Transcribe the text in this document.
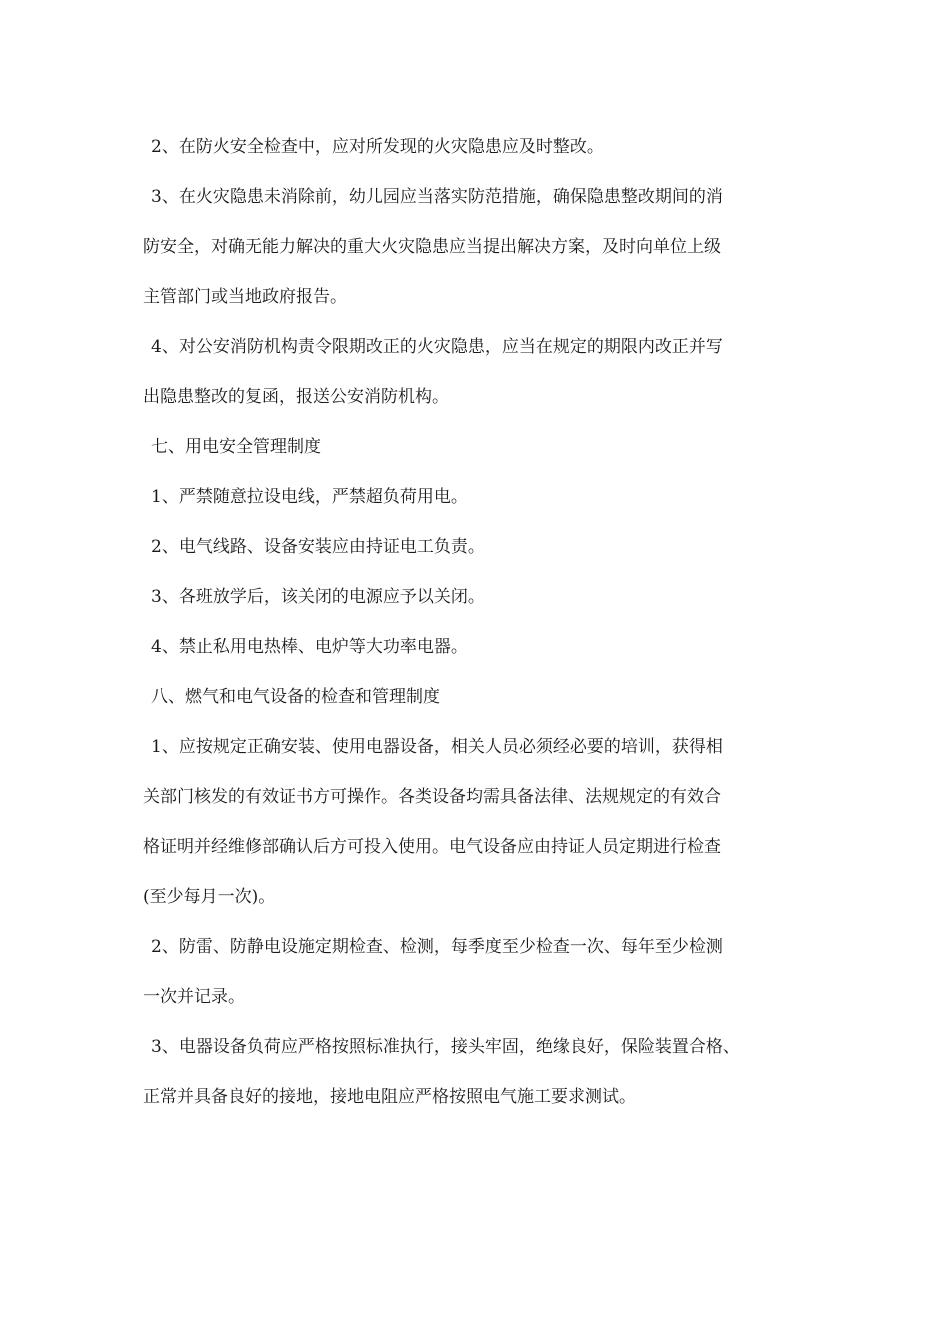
2、在防火安全检查中，应对所发现的火灾隐患应及时整改。
3、在火灾隐患未消除前，幼儿园应当落实防范措施，确保隐患整改期间的消
防安全，对确无能力解决的重大火灾隐患应当提出解决方案，及时向单位上级
主管部门或当地政府报告。
4、对公安消防机构责令限期改正的火灾隐患，应当在规定的期限内改正并写
出隐患整改的复函，报送公安消防机构。
七、用电安全管理制度
1、严禁随意拉设电线，严禁超负荷用电。
2、电气线路、设备安装应由持证电工负责。
3、各班放学后，该关闭的电源应予以关闭。
4、禁止私用电热棒、电炉等大功率电器。
八、燃气和电气设备的检查和管理制度
1、应按规定正确安装、使用电器设备，相关人员必须经必要的培训，获得相
关部门核发的有效证书方可操作。各类设备均需具备法律、法规规定的有效合
格证明并经维修部确认后方可投入使用。电气设备应由持证人员定期进行检查
(至少每月一次)。
2、防雷、防静电设施定期检查、检测，每季度至少检查一次、每年至少检测
一次并记录。
3、电器设备负荷应严格按照标准执行，接头牢固，绝缘良好，保险装置合格、
正常并具备良好的接地，接地电阻应严格按照电气施工要求测试。
